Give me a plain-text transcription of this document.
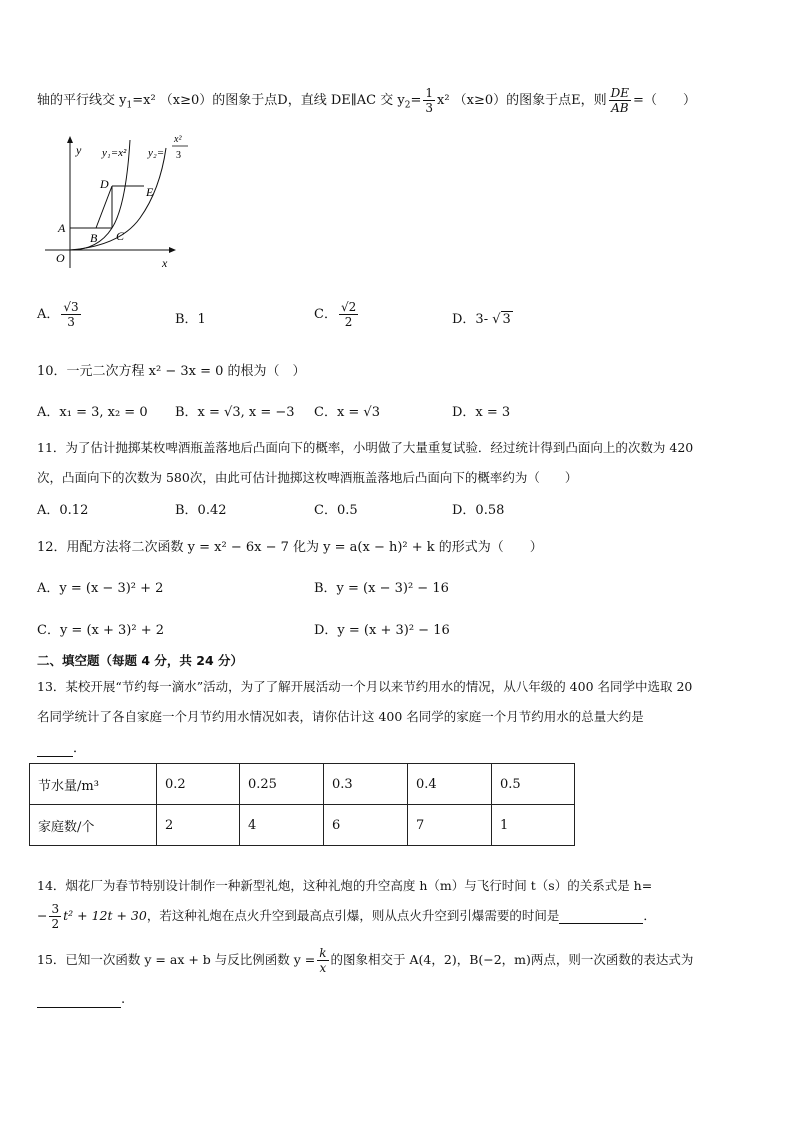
轴的平行线交 $y_1=x^2$ （x≥0）的图象于点D，直线 DE∥AC 交 $y_2= \frac{1}{3} x^2$ （x≥0）的图象于点E，则 $\frac{DE}{AB}$ =（　　）
y
x
O
A
B C
D
E
y₁=x² y₂=
x²
3
A． $\frac{√3}{3}$	B．1	C． $\frac{√2}{2}$	D．3- √ 3
10．一元二次方程 x² − 3x = 0 的根为（　）
A．x₁ = 3, x₂ = 0 B．x = √3, x = −3 C．x = √3	D．x = 3
11．为了估计抛掷某枚啤酒瓶盖落地后凸面向下的概率，小明做了大量重复试验．经过统计得到凸面向上的次数为 420
次，凸面向下的次数为 580次，由此可估计抛掷这枚啤酒瓶盖落地后凸面向下的概率约为（　　）
A．0.12	B．0.42	C．0.5	D．0.58
12．用配方法将二次函数 y = x² − 6x − 7 化为 y = a(x − h)² + k 的形式为（　　）
A．y = (x − 3)² + 2	B．y = (x − 3)² − 16
C．y = (x + 3)² + 2	D．y = (x + 3)² − 16
二、填空题（每题 4 分，共 24 分）
13．某校开展“节约每一滴水”活动，为了了解开展活动一个月以来节约用水的情况，从八年级的 400 名同学中选取 20
名同学统计了各自家庭一个月节约用水情况如表，请你估计这 400 名同学的家庭一个月节约用水的总量大约是
．
节水量/m³	0.2	0.25	0.3	0.4	0.5
家庭数/个	2	4	6	7	1
14．烟花厂为春节特别设计制作一种新型礼炮，这种礼炮的升空高度 h（m）与飞行时间 t（s）的关系式是 h=
− $\frac{3}{2} t^2 + 12t + 30$，若这种礼炮在点火升空到最高点引爆，则从点火升空到引爆需要的时间是	．
15．已知一次函数 y = ax + b 与反比例函数 $y = \frac{k}{x}$ 的图象相交于 A(4，2)，B(−2，m)两点，则一次函数的表达式为
.
